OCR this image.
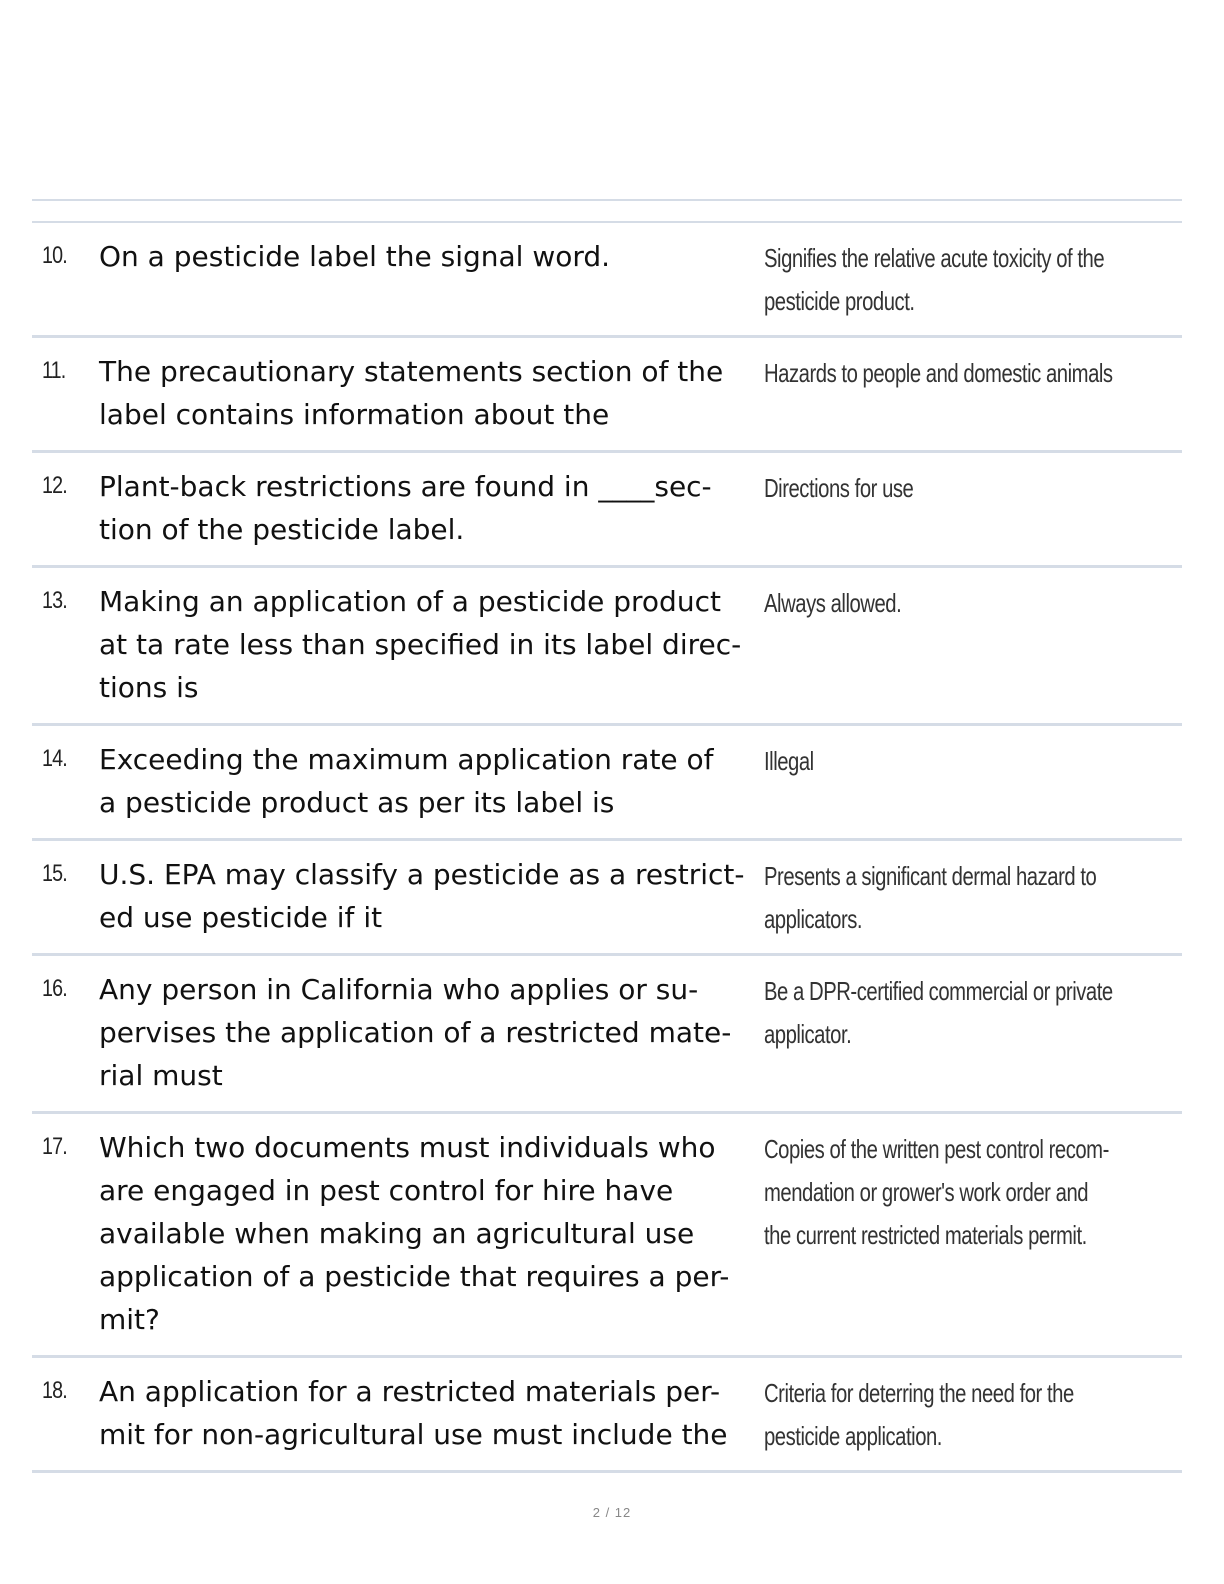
10. On a pesticide label the signal word.	Signifies the relative acute toxicity of the
pesticide product.
11. The precautionary statements section of the
label contains information about the
Hazards to people and domestic animals
12. Plant-back restrictions are found in ____sec-
tion of the pesticide label.
Directions for use
13. Making an application of a pesticide product
at ta rate less than specified in its label direc-
tions is
Always allowed.
14. Exceeding the maximum application rate of
a pesticide product as per its label is
Illegal
15. U.S. EPA may classify a pesticide as a restrict-
ed use pesticide if it
Presents a significant dermal hazard to
applicators.
16. Any person in California who applies or su-
pervises the application of a restricted mate-
rial must
Be a DPR-certified commercial or private
applicator.
17. Which two documents must individuals who
are engaged in pest control for hire have
available when making an agricultural use
application of a pesticide that requires a per-
mit?
Copies of the written pest control recom-
mendation or grower's work order and
the current restricted materials permit.
18. An application for a restricted materials per-
mit for non-agricultural use must include the
Criteria for deterring the need for the
pesticide application.
2 / 12
